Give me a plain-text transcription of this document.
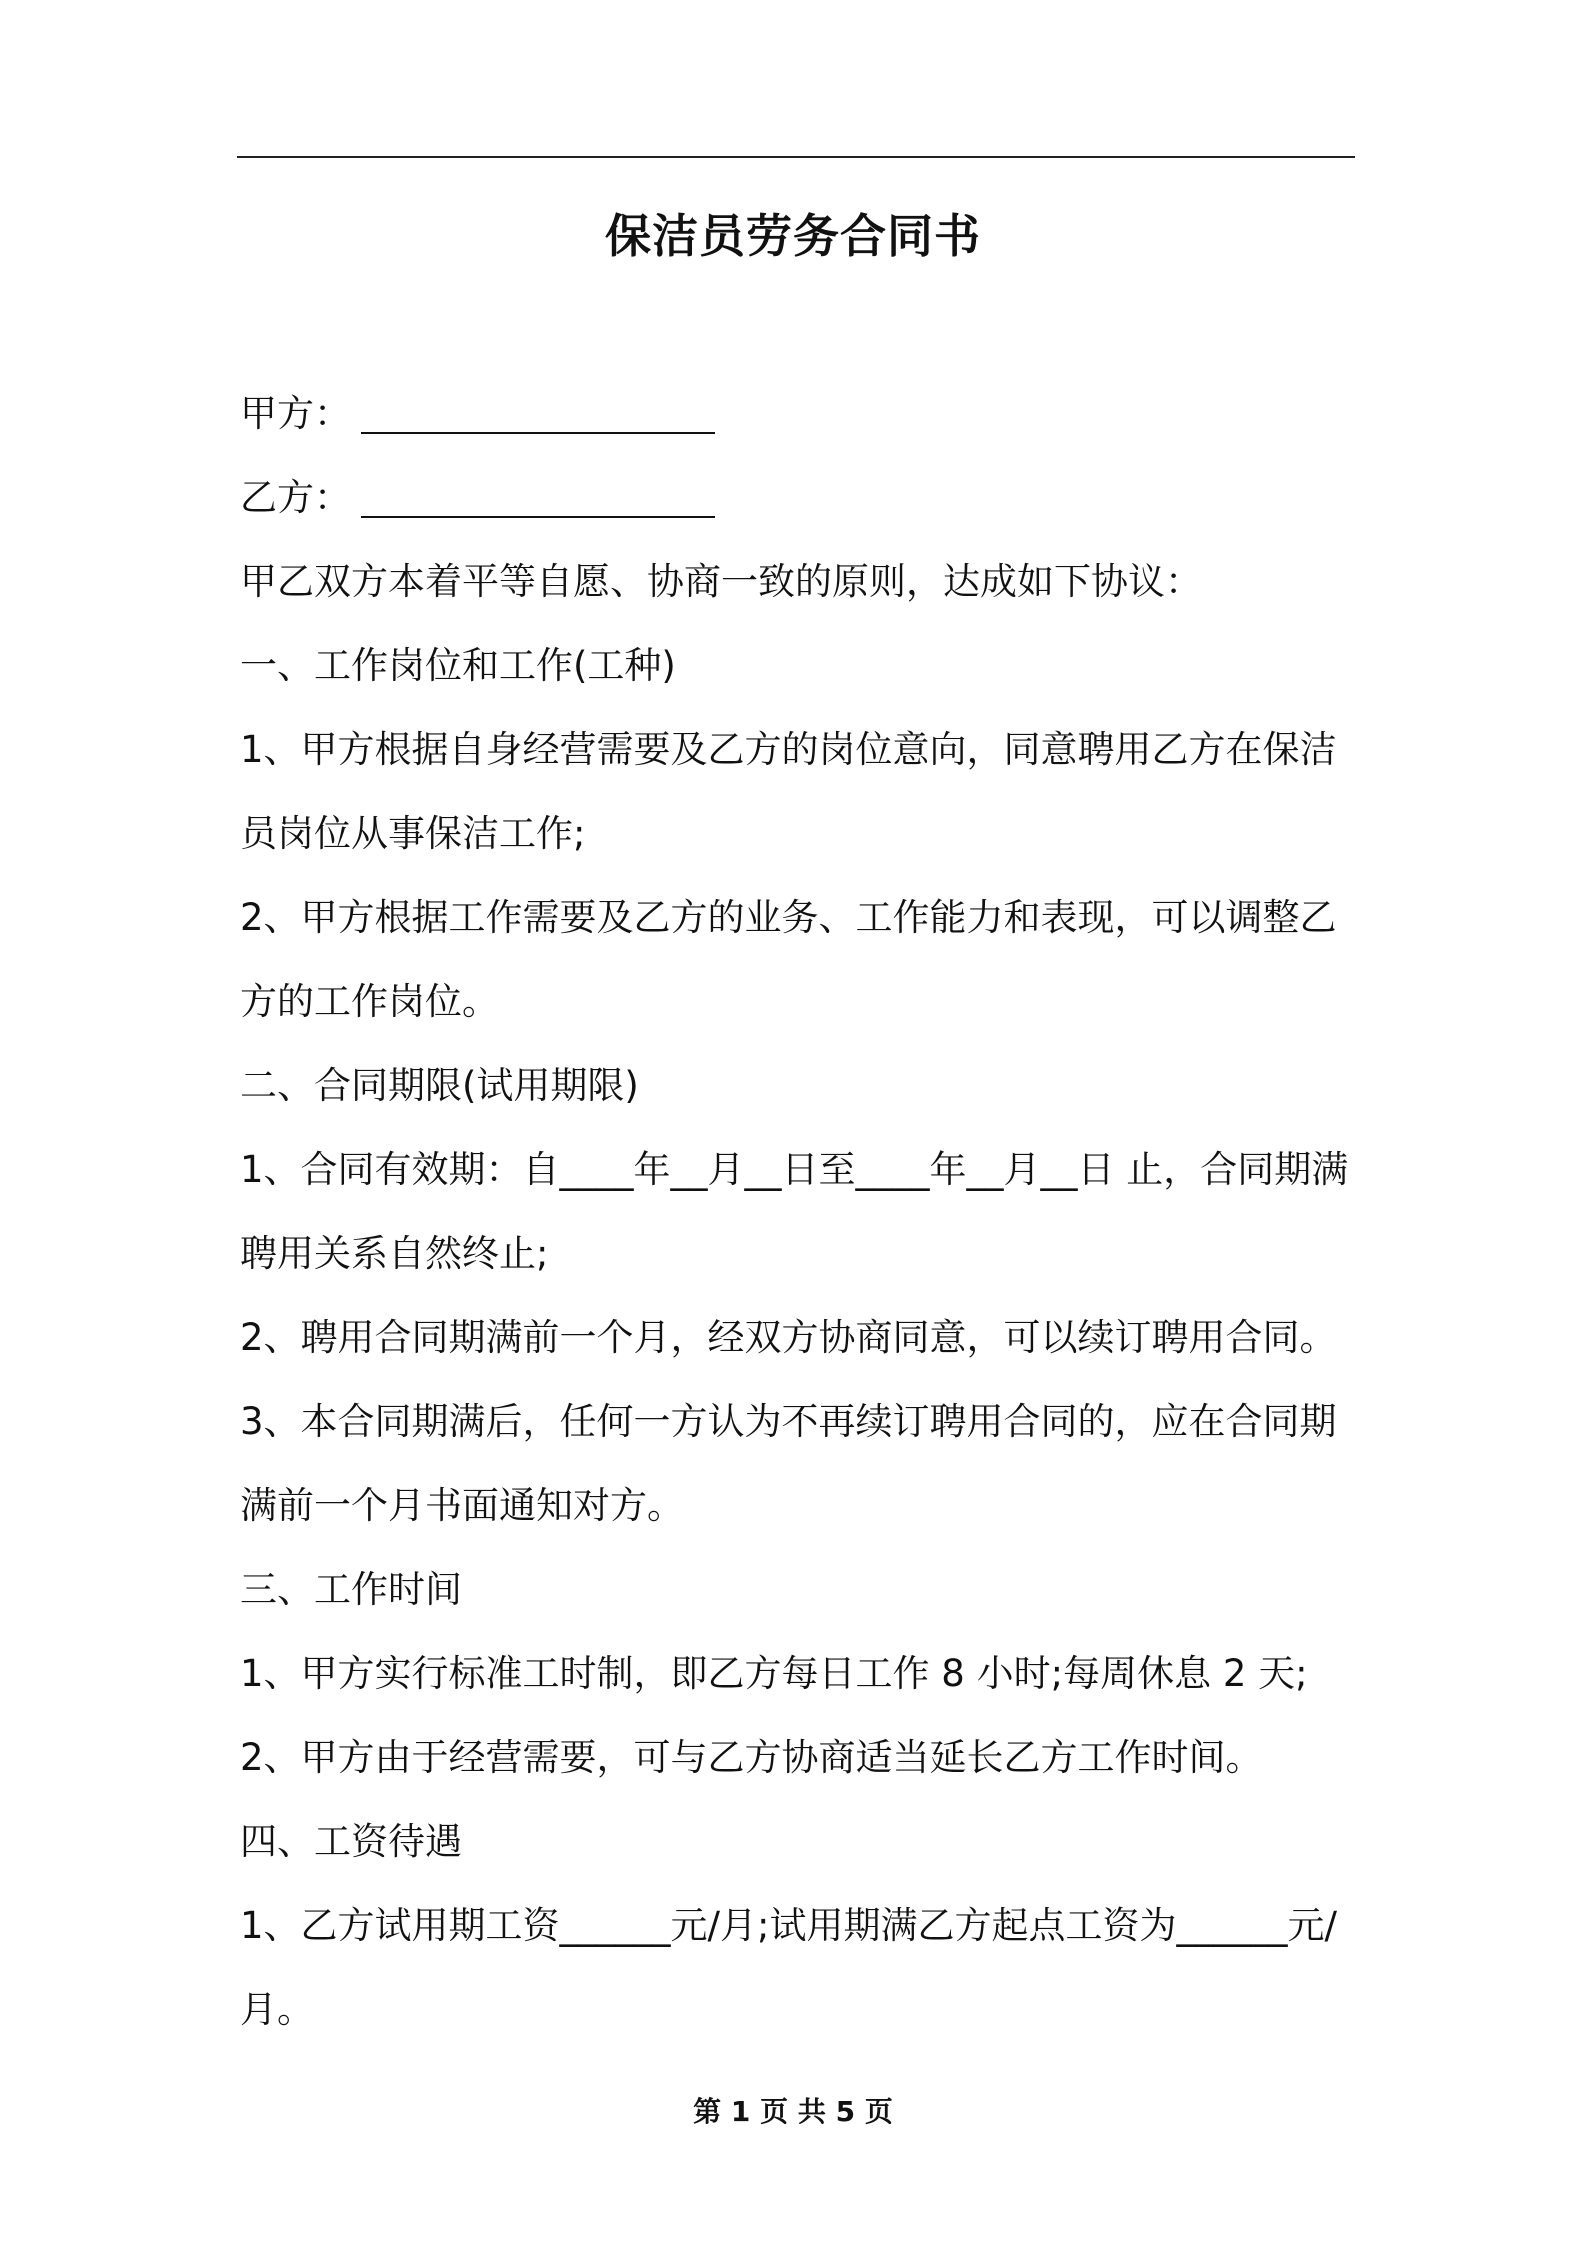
保洁员劳务合同书
甲方：
乙方：
甲乙双方本着平等自愿、协商一致的原则，达成如下协议：
一、工作岗位和工作(工种)
1、甲方根据自身经营需要及乙方的岗位意向，同意聘用乙方在保洁
员岗位从事保洁工作;
2、甲方根据工作需要及乙方的业务、工作能力和表现，可以调整乙
方的工作岗位。
二、合同期限(试用期限)
1、合同有效期：自____年__月__日至____年__月__日 止，合同期满
聘用关系自然终止;
2、聘用合同期满前一个月，经双方协商同意，可以续订聘用合同。
3、本合同期满后，任何一方认为不再续订聘用合同的，应在合同期
满前一个月书面通知对方。
三、工作时间
1、甲方实行标准工时制，即乙方每日工作 8 小时;每周休息 2 天;
2、甲方由于经营需要，可与乙方协商适当延长乙方工作时间。
四、工资待遇
1、乙方试用期工资______元/月;试用期满乙方起点工资为______元/
月。
第 1 页 共 5 页
